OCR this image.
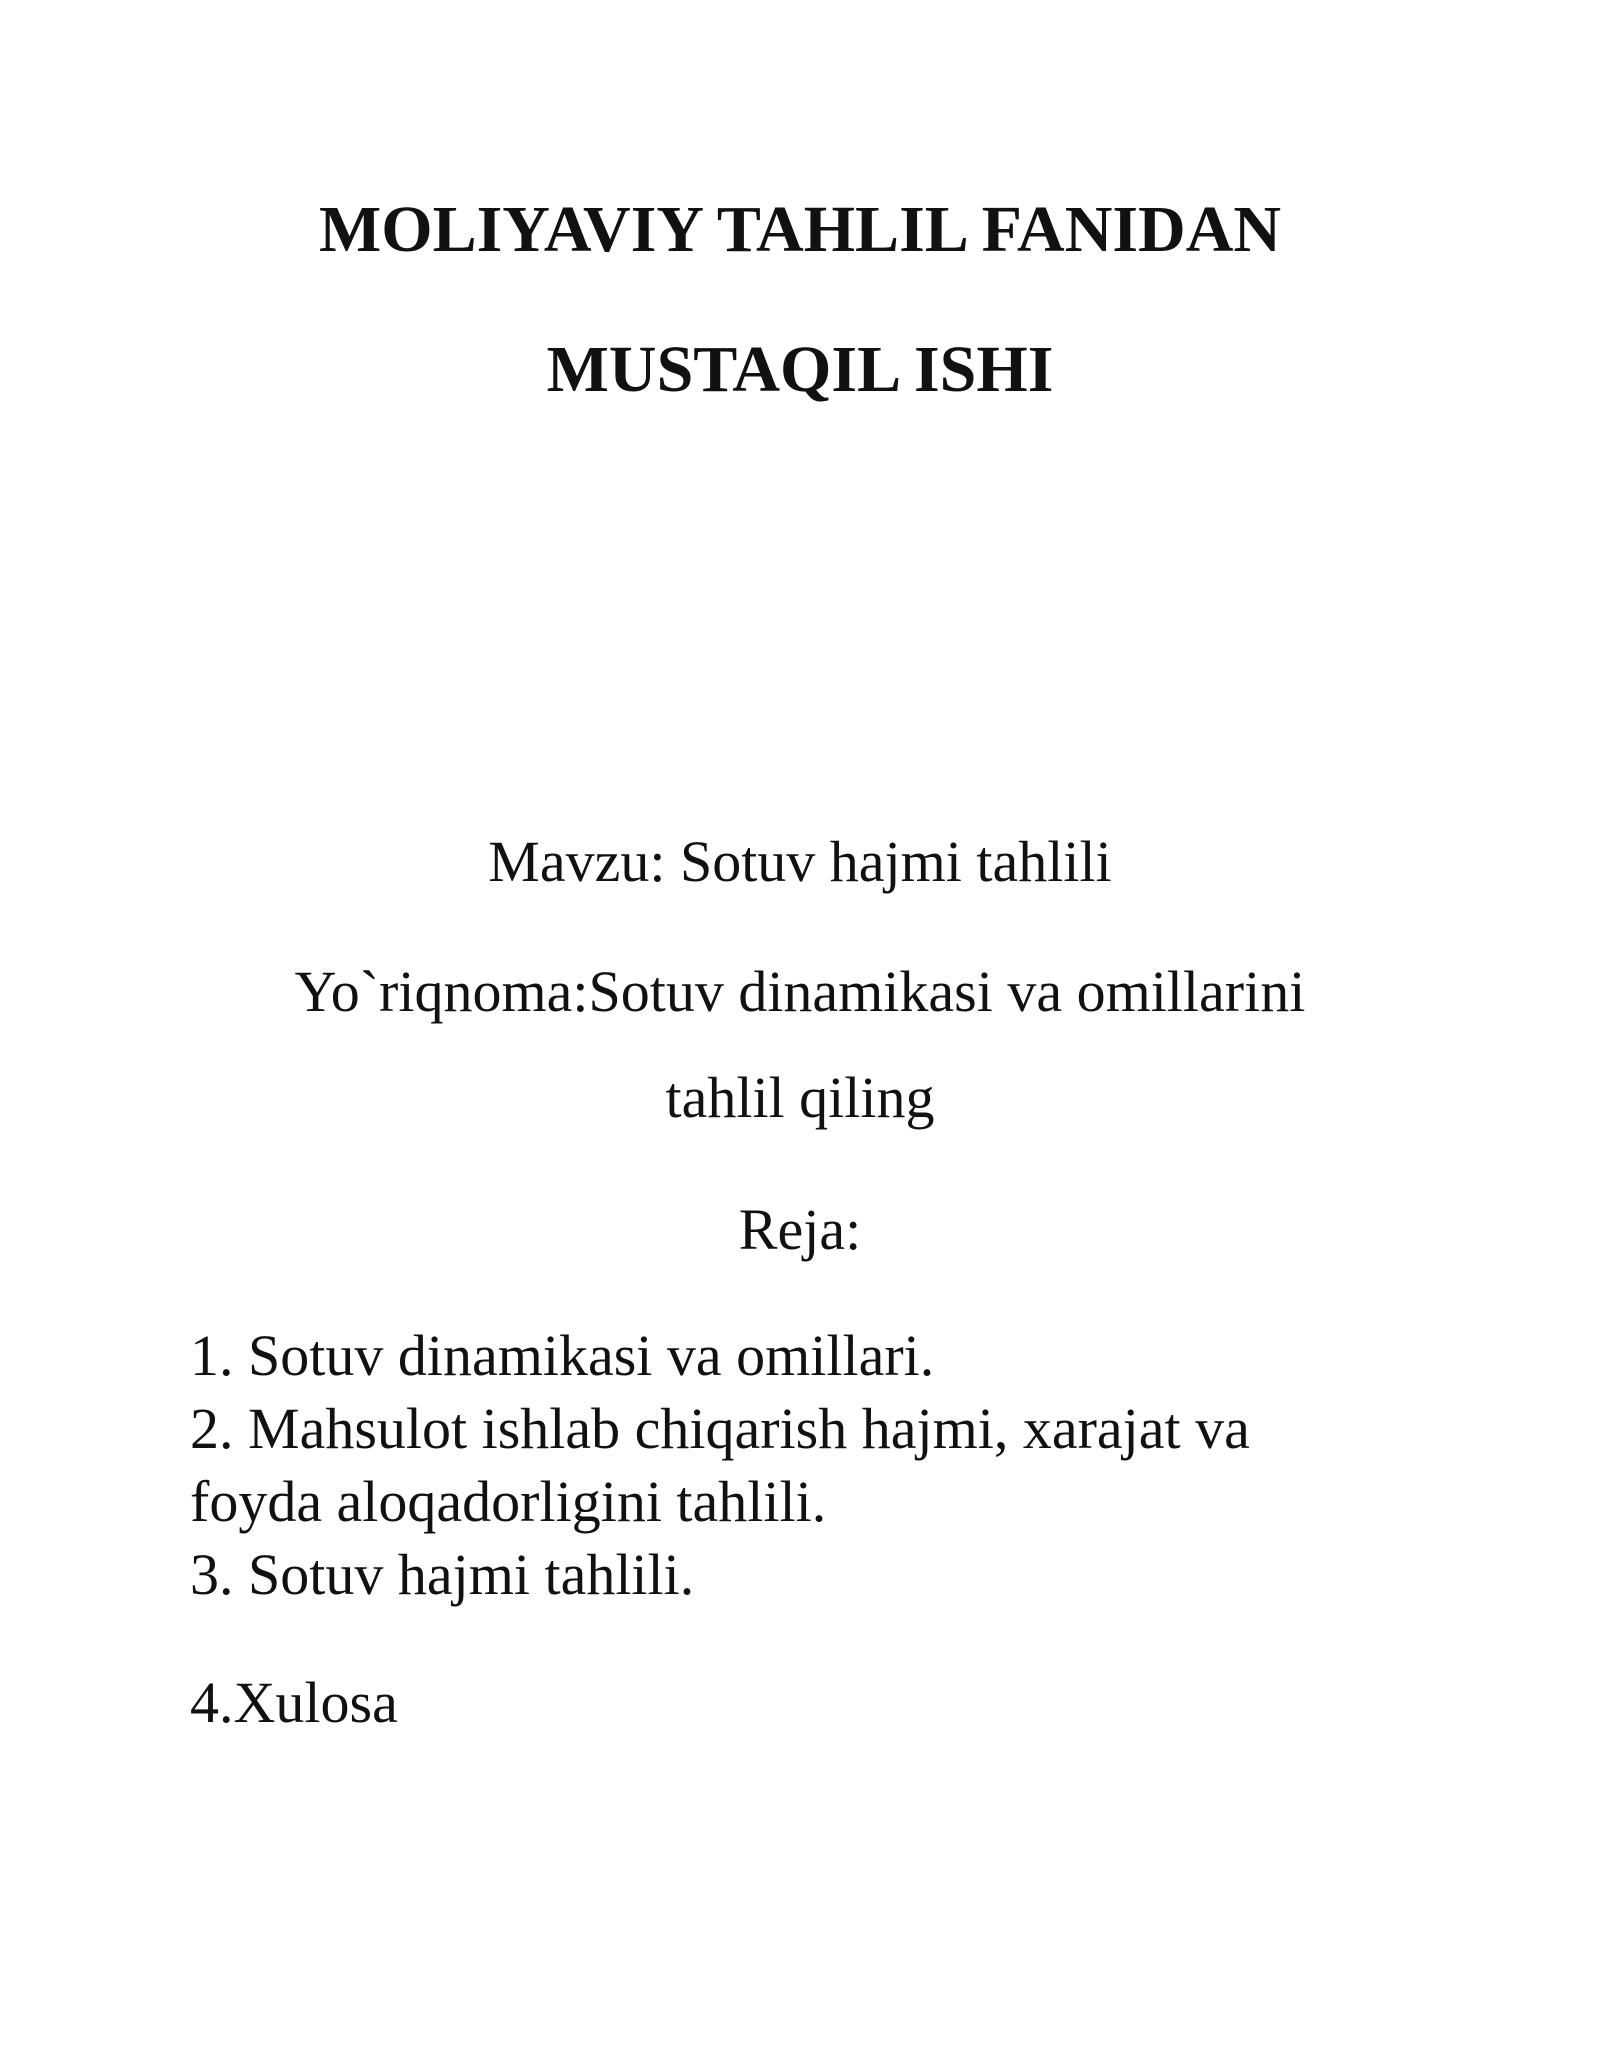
MOLIYAVIY TAHLIL FANIDAN
MUSTAQIL ISHI
Mavzu: Sotuv hajmi tahlili
Yo`riqnoma:Sotuv dinamikasi va omillarini
tahlil qiling
Reja:
1. Sotuv dinamikasi va omillari.
2. Mahsulot ishlab chiqarish hajmi, xarajat va
foyda aloqadorligini tahlili.
3. Sotuv hajmi tahlili.
4.Xulosa
